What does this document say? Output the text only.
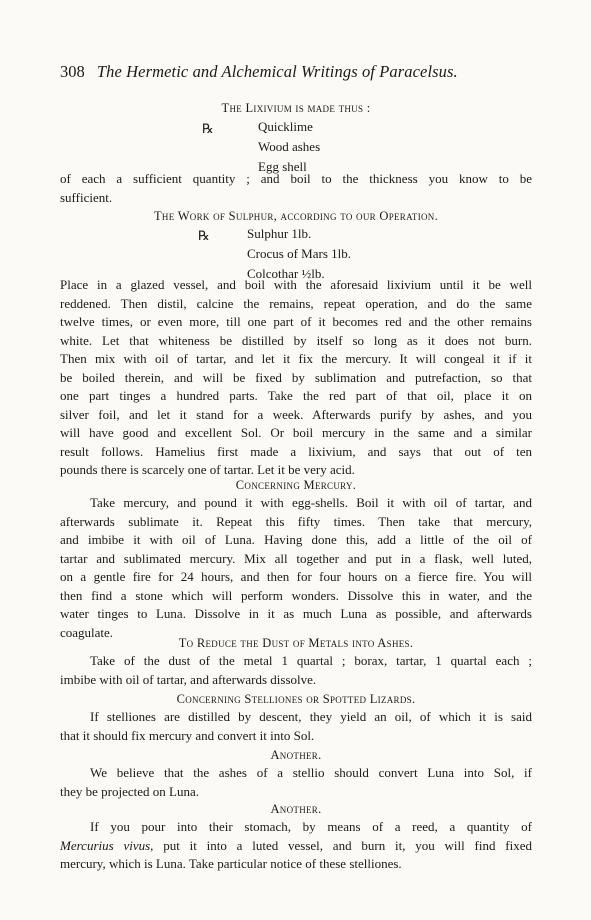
308 The Hermetic and Alchemical Writings of Paracelsus.

The Lixivium is made thus :

℞	Quicklime
Wood ashes
Egg shell

of each a sufficient quantity ; and boil to the thickness you know to be
sufficient.

The Work of Sulphur, according to our Operation.

℞	Sulphur 1lb.
Crocus of Mars 1lb.
Colcothar ½lb.

Place in a glazed vessel, and boil with the aforesaid lixivium until it be well
reddened. Then distil, calcine the remains, repeat operation, and do the same
twelve times, or even more, till one part of it becomes red and the other remains
white. Let that whiteness be distilled by itself so long as it does not burn.
Then mix with oil of tartar, and let it fix the mercury. It will congeal it if it
be boiled therein, and will be fixed by sublimation and putrefaction, so that
one part tinges a hundred parts. Take the red part of that oil, place it on
silver foil, and let it stand for a week. Afterwards purify by ashes, and you
will have good and excellent Sol. Or boil mercury in the same and a similar
result follows. Hamelius first made a lixivium, and says that out of ten
pounds there is scarcely one of tartar. Let it be very acid.

Concerning Mercury.

Take mercury, and pound it with egg-shells. Boil it with oil of tartar, and
afterwards sublimate it. Repeat this fifty times. Then take that mercury,
and imbibe it with oil of Luna. Having done this, add a little of the oil of
tartar and sublimated mercury. Mix all together and put in a flask, well luted,
on a gentle fire for 24 hours, and then for four hours on a fierce fire. You will
then find a stone which will perform wonders. Dissolve this in water, and the
water tinges to Luna. Dissolve in it as much Luna as possible, and afterwards
coagulate.

To Reduce the Dust of Metals into Ashes.

Take of the dust of the metal 1 quartal ; borax, tartar, 1 quartal each ;
imbibe with oil of tartar, and afterwards dissolve.

Concerning Stelliones or Spotted Lizards.

If stelliones are distilled by descent, they yield an oil, of which it is said
that it should fix mercury and convert it into Sol.

Another.

We believe that the ashes of a stellio should convert Luna into Sol, if
they be projected on Luna.

Another.

If you pour into their stomach, by means of a reed, a quantity of
Mercurius vivus, put it into a luted vessel, and burn it, you will find fixed
mercury, which is Luna. Take particular notice of these stelliones.
